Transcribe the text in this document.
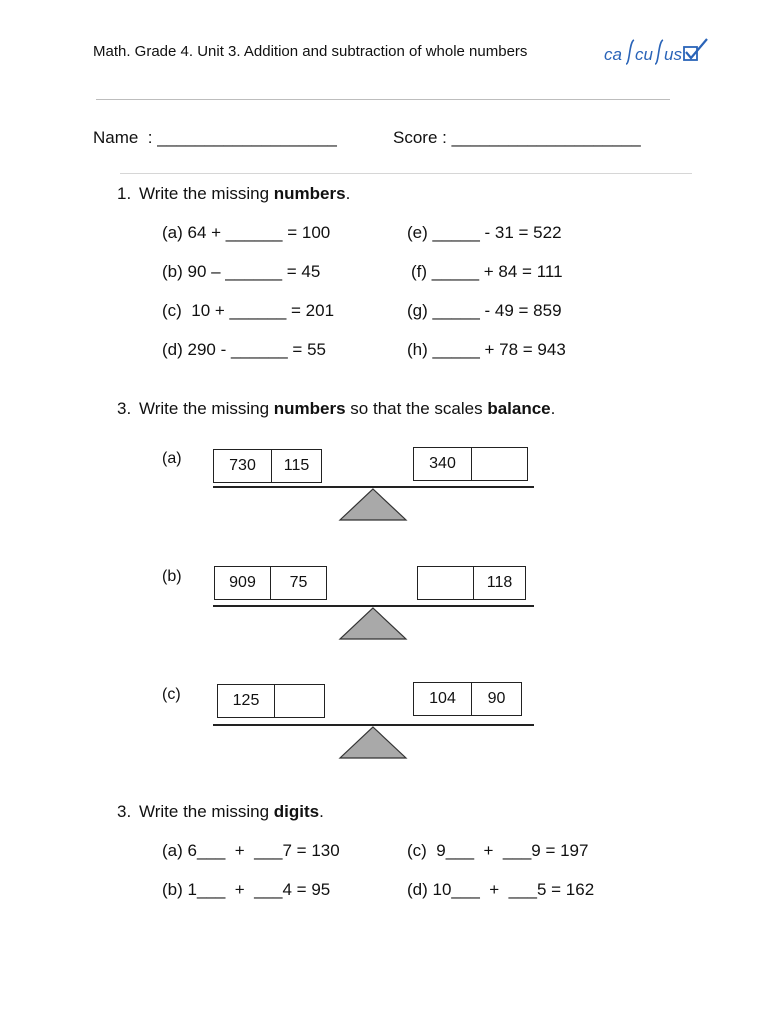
Math. Grade 4. Unit 3. Addition and subtraction of whole numbers	ca cu us
Name  : ___________________	Score : ____________________
1. Write the missing numbers.
(a) 64 + ______ = 100
(b) 90 – ______ = 45
(c)  10 + ______ = 201
(d) 290 - ______ = 55
(e) _____ - 31 = 522
(f) _____ + 84 = 111
(g) _____ - 49 = 859
(h) _____ + 78 = 943
3. Write the missing numbers so that the scales balance.
(a)	730	115	340
(b)	909	75	118
(c)	125	104	90
3. Write the missing digits.
(a) 6___  +  ___7 = 130
(b) 1___  +  ___4 = 95
(c)  9___  +  ___9 = 197
(d) 10___  +  ___5 = 162
